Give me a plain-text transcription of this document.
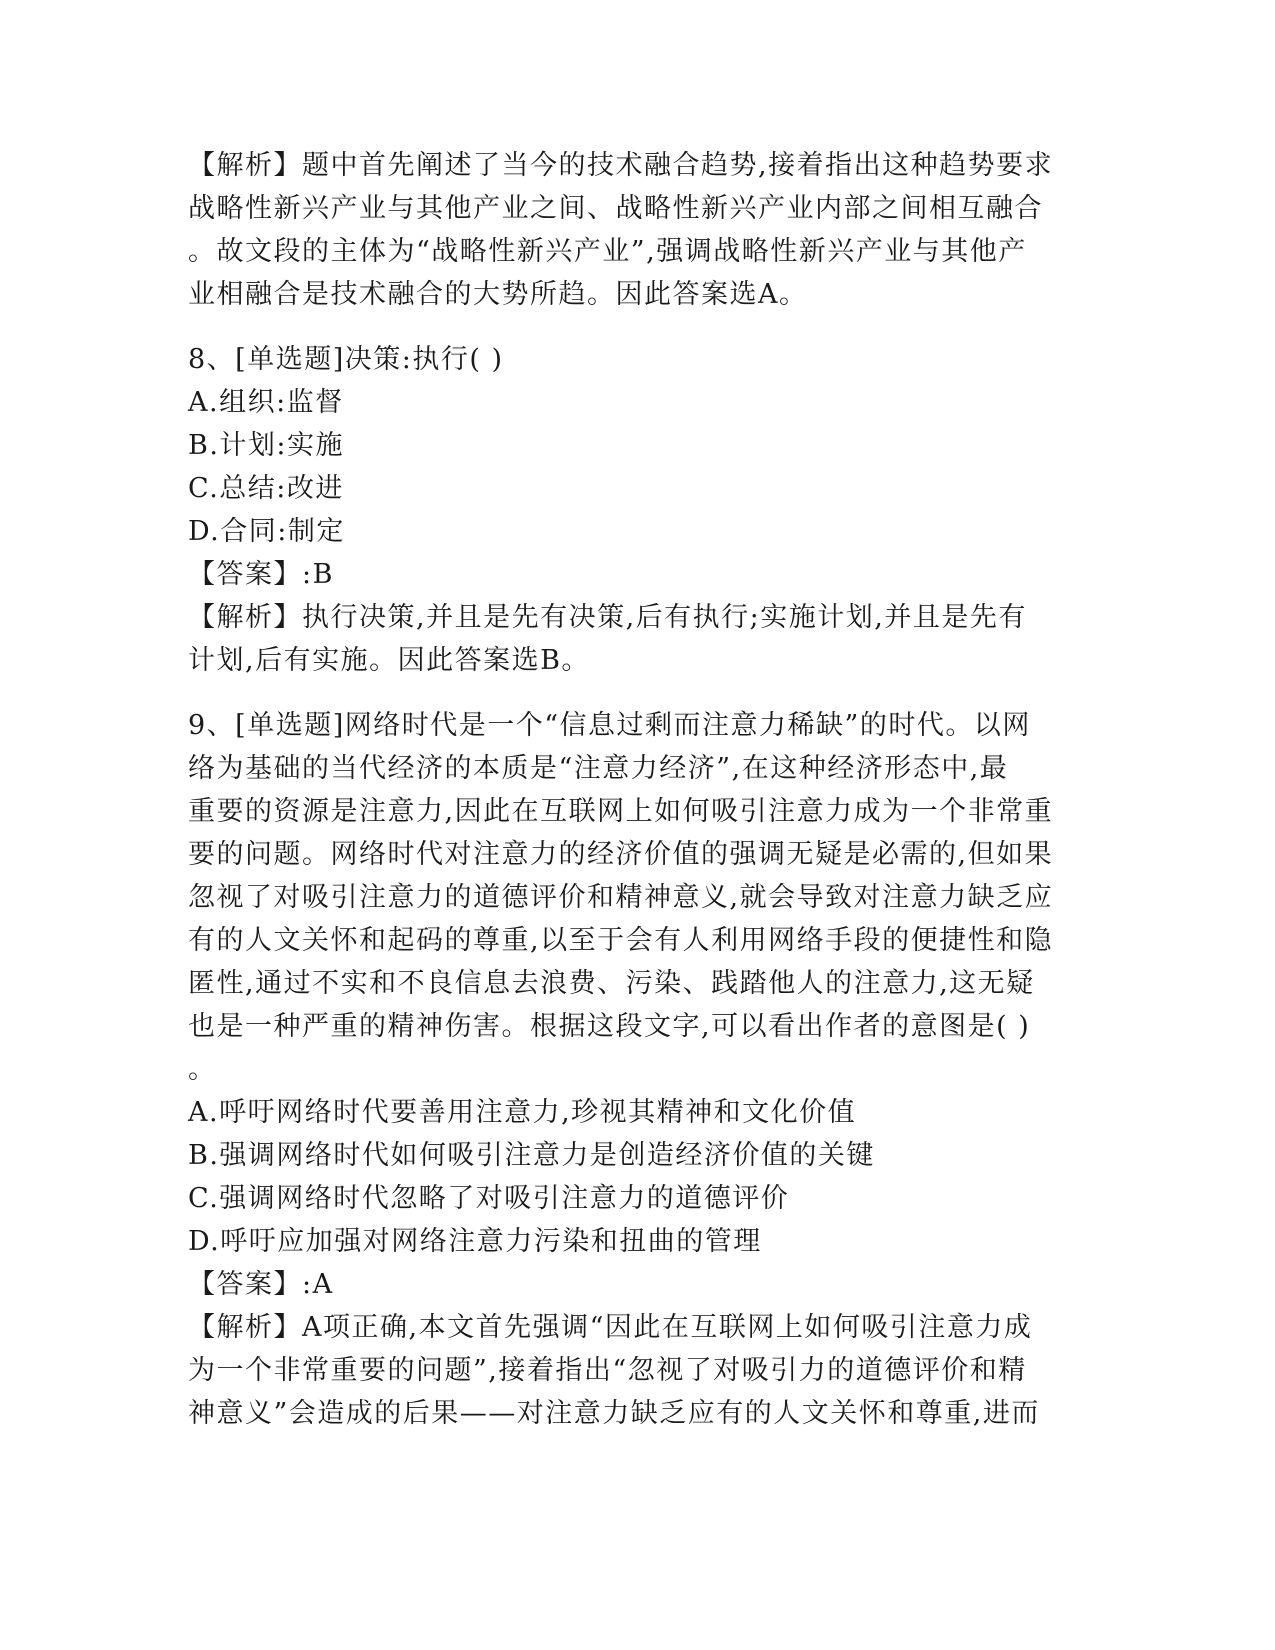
【解析】题中首先阐述了当今的技术融合趋势,接着指出这种趋势要求
战略性新兴产业与其他产业之间、战略性新兴产业内部之间相互融合
。故文段的主体为“战略性新兴产业”,强调战略性新兴产业与其他产
业相融合是技术融合的大势所趋。因此答案选A。
8、[单选题]决策:执行( )
A.组织:监督
B.计划:实施
C.总结:改进
D.合同:制定
【答案】:B
【解析】执行决策,并且是先有决策,后有执行;实施计划,并且是先有
计划,后有实施。因此答案选B。
9、[单选题]网络时代是一个“信息过剩而注意力稀缺”的时代。以网
络为基础的当代经济的本质是“注意力经济”,在这种经济形态中,最
重要的资源是注意力,因此在互联网上如何吸引注意力成为一个非常重
要的问题。网络时代对注意力的经济价值的强调无疑是必需的,但如果
忽视了对吸引注意力的道德评价和精神意义,就会导致对注意力缺乏应
有的人文关怀和起码的尊重,以至于会有人利用网络手段的便捷性和隐
匿性,通过不实和不良信息去浪费、污染、践踏他人的注意力,这无疑
也是一种严重的精神伤害。根据这段文字,可以看出作者的意图是( )
。
A.呼吁网络时代要善用注意力,珍视其精神和文化价值
B.强调网络时代如何吸引注意力是创造经济价值的关键
C.强调网络时代忽略了对吸引注意力的道德评价
D.呼吁应加强对网络注意力污染和扭曲的管理
【答案】:A
【解析】A项正确,本文首先强调“因此在互联网上如何吸引注意力成
为一个非常重要的问题”,接着指出“忽视了对吸引力的道德评价和精
神意义”会造成的后果——对注意力缺乏应有的人文关怀和尊重,进而
